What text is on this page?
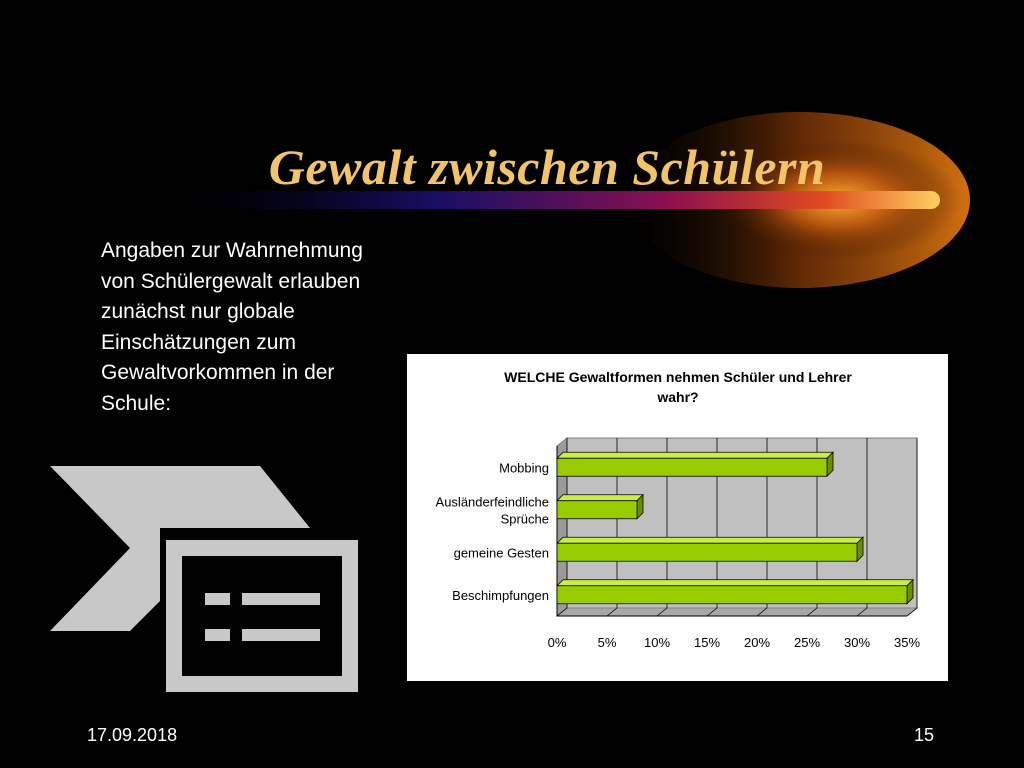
Gewalt zwischen Schülern

Angaben zur Wahrnehmung von Schülergewalt erlauben zunächst nur globale Einschätzungen zum Gewaltvorkommen in der Schule:

WELCHE Gewaltformen nehmen Schüler und Lehrer
wahr?
0% 5% 10% 15% 20% 25% 30% 35%
Mobbing
Ausländerfeindliche
Sprüche
gemeine Gesten
Beschimpfungen
17.09.2018	15
